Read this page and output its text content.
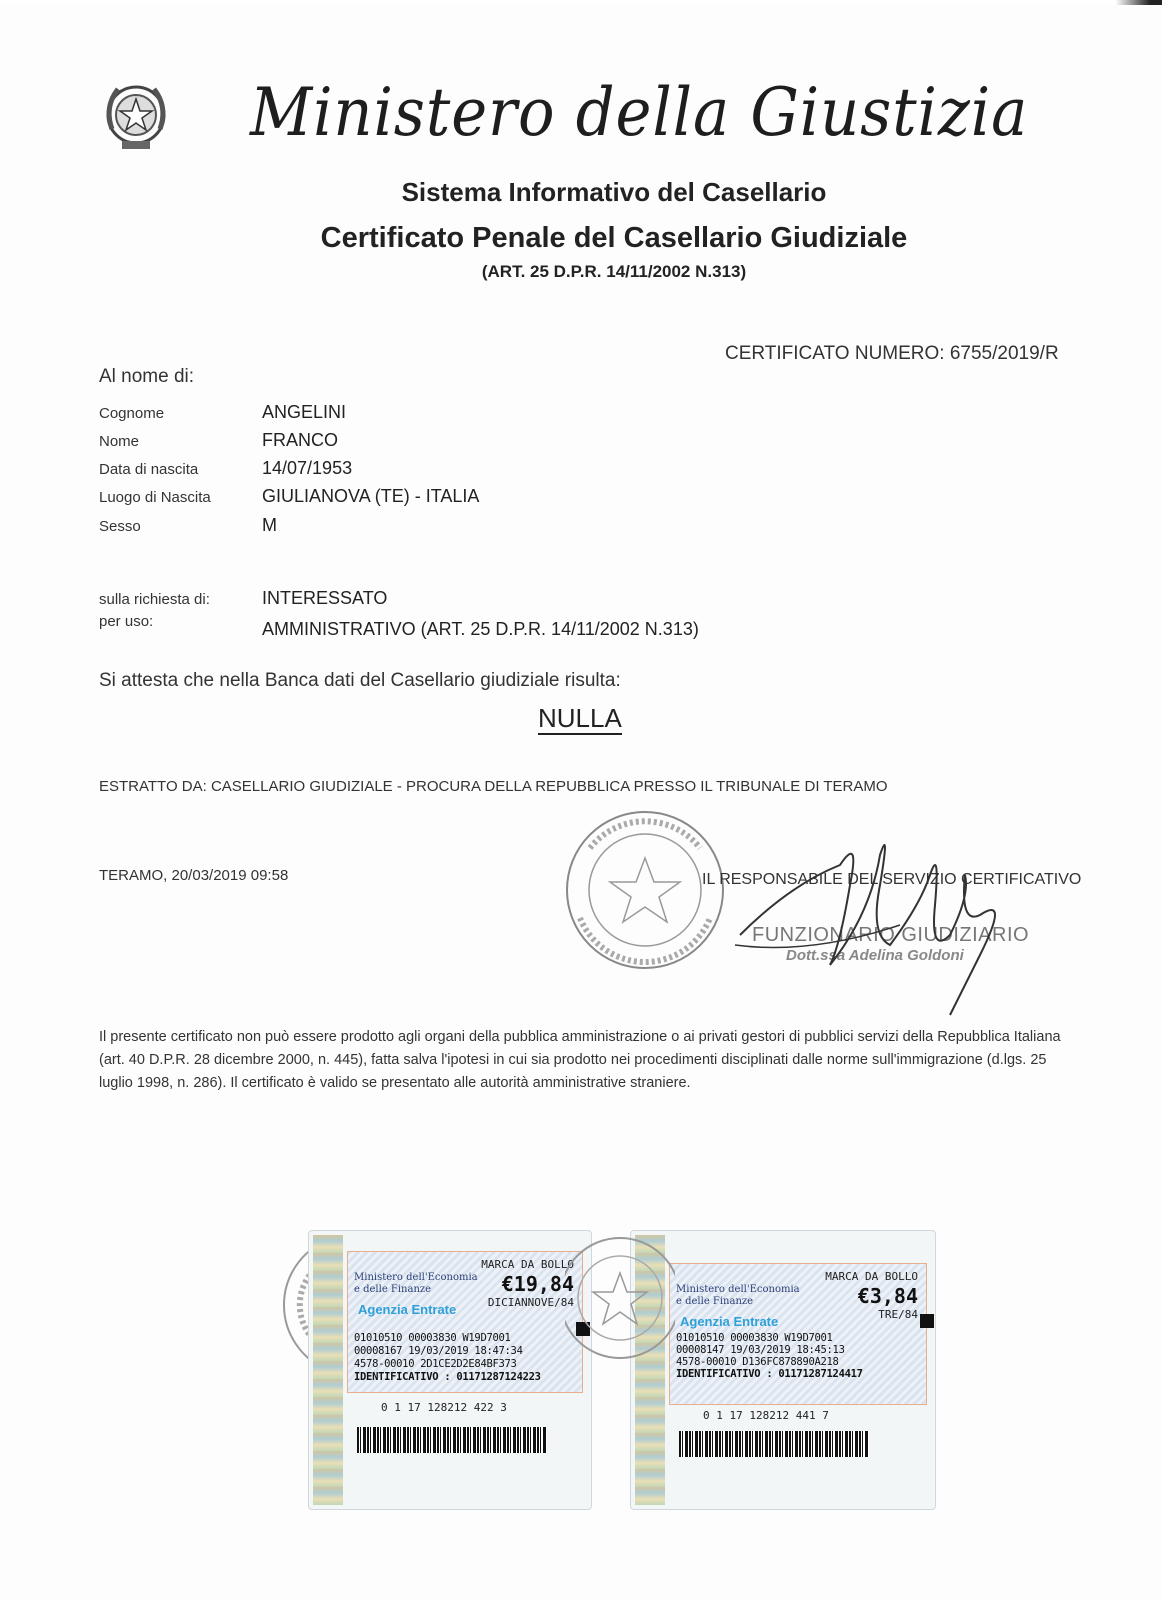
Ministero della Giustizia
Sistema Informativo del Casellario
Certificato Penale del Casellario Giudiziale
(ART. 25 D.P.R. 14/11/2002 N.313)
CERTIFICATO NUMERO: 6755/2019/R
Al nome di:
Cognome	ANGELINI
Nome	FRANCO
Data di nascita	14/07/1953
Luogo di Nascita	GIULIANOVA (TE) - ITALIA
Sesso	M
sulla richiesta di:	INTERESSATO
per uso:	AMMINISTRATIVO (ART. 25 D.P.R. 14/11/2002 N.313)
Si attesta che nella Banca dati del Casellario giudiziale risulta:
NULLA
ESTRATTO DA: CASELLARIO GIUDIZIALE - PROCURA DELLA REPUBBLICA PRESSO IL TRIBUNALE DI TERAMO
TERAMO, 20/03/2019 09:58	IL RESPONSABILE DEL SERVIZIO CERTIFICATIVO
FUNZIONARIO GIUDIZIARIO
Dott.ssa Adelina Goldoni
Il presente certificato non può essere prodotto agli organi della pubblica amministrazione o ai privati gestori di pubblici servizi della Repubblica Italiana (art. 40 D.P.R. 28 dicembre 2000, n. 445), fatta salva l'ipotesi in cui sia prodotto nei procedimenti disciplinati dalle norme sull'immigrazione (d.lgs. 25 luglio 1998, n. 286). Il certificato è valido se presentato alle autorità amministrative straniere.
Ministero dell'Economia e delle Finanze
MARCA DA BOLLO
€19,84
DICIANNOVE/84
Agenzia Entrate
01010510 00003830 W19D7001
00008167 19/03/2019 18:47:34
4578-00010 2D1CE2D2E84BF373
IDENTIFICATIVO : 01171287124223
0 1 17 128212 422 3
Ministero dell'Economia e delle Finanze
MARCA DA BOLLO
€3,84
TRE/84
Agenzia Entrate
01010510 00003830 W19D7001
00008147 19/03/2019 18:45:13
4578-00010 D136FC878890A218
IDENTIFICATIVO : 01171287124417
0 1 17 128212 441 7
